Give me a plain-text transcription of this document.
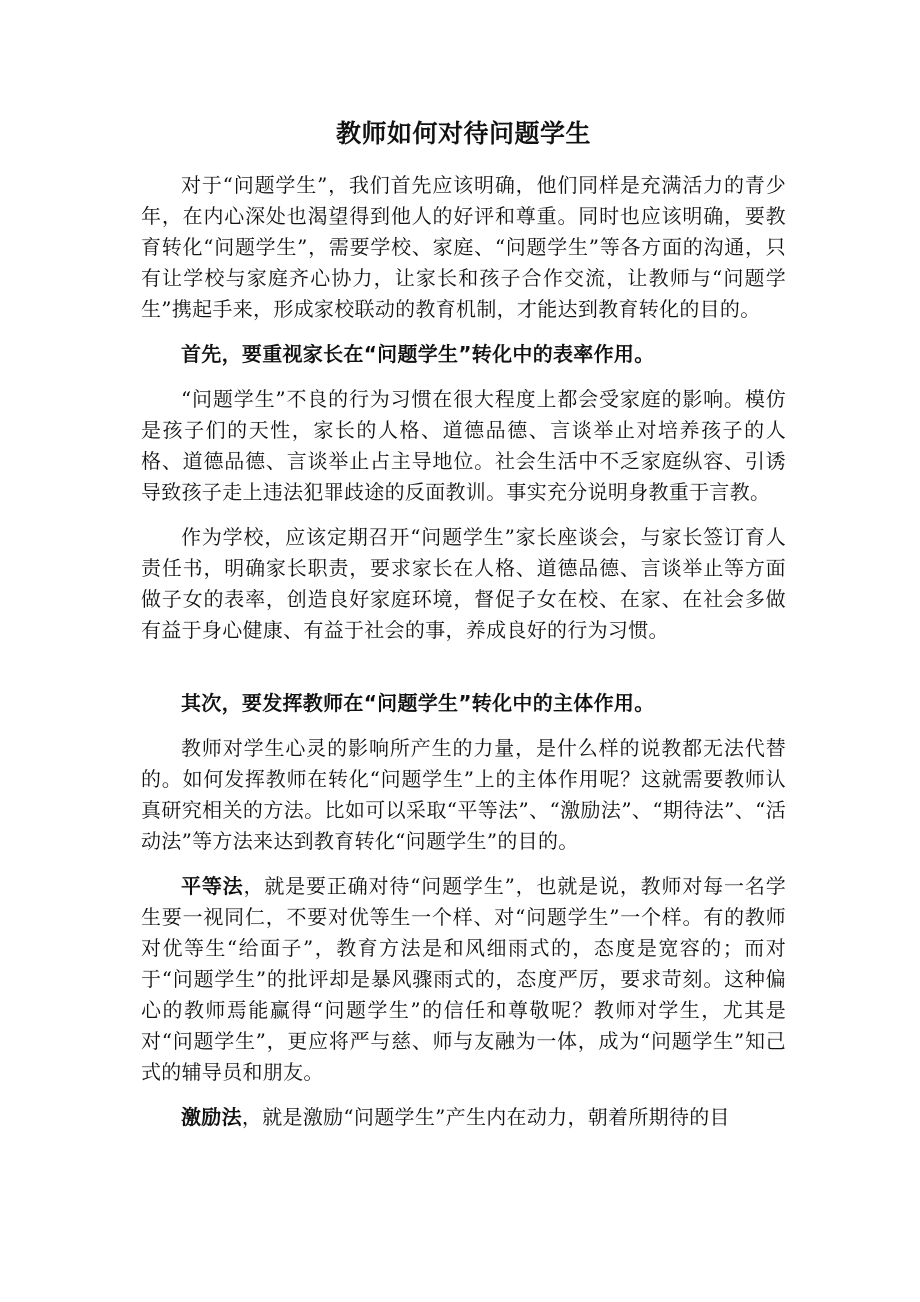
教师如何对待问题学生

对于“问题学生”，我们首先应该明确，他们同样是充满活力的青少年，在内心深处也渴望得到他人的好评和尊重。同时也应该明确，要教育转化“问题学生”，需要学校、家庭、“问题学生”等各方面的沟通，只有让学校与家庭齐心协力，让家长和孩子合作交流，让教师与“问题学生”携起手来，形成家校联动的教育机制，才能达到教育转化的目的。

首先，要重视家长在“问题学生”转化中的表率作用。

“问题学生”不良的行为习惯在很大程度上都会受家庭的影响。模仿是孩子们的天性，家长的人格、道德品德、言谈举止对培养孩子的人格、道德品德、言谈举止占主导地位。社会生活中不乏家庭纵容、引诱导致孩子走上违法犯罪歧途的反面教训。事实充分说明身教重于言教。

作为学校，应该定期召开“问题学生”家长座谈会，与家长签订育人责任书，明确家长职责，要求家长在人格、道德品德、言谈举止等方面做子女的表率，创造良好家庭环境，督促子女在校、在家、在社会多做有益于身心健康、有益于社会的事，养成良好的行为习惯。

其次，要发挥教师在“问题学生”转化中的主体作用。

教师对学生心灵的影响所产生的力量，是什么样的说教都无法代替的。如何发挥教师在转化“问题学生”上的主体作用呢？这就需要教师认真研究相关的方法。比如可以采取“平等法”、“激励法”、“期待法”、“活动法”等方法来达到教育转化“问题学生”的目的。

平等法，就是要正确对待“问题学生”，也就是说，教师对每一名学生要一视同仁，不要对优等生一个样、对“问题学生”一个样。有的教师对优等生“给面子”，教育方法是和风细雨式的，态度是宽容的；而对于“问题学生”的批评却是暴风骤雨式的，态度严厉，要求苛刻。这种偏心的教师焉能赢得“问题学生”的信任和尊敬呢？教师对学生，尤其是对“问题学生”，更应将严与慈、师与友融为一体，成为“问题学生”知己式的辅导员和朋友。

激励法，就是激励“问题学生”产生内在动力，朝着所期待的目
